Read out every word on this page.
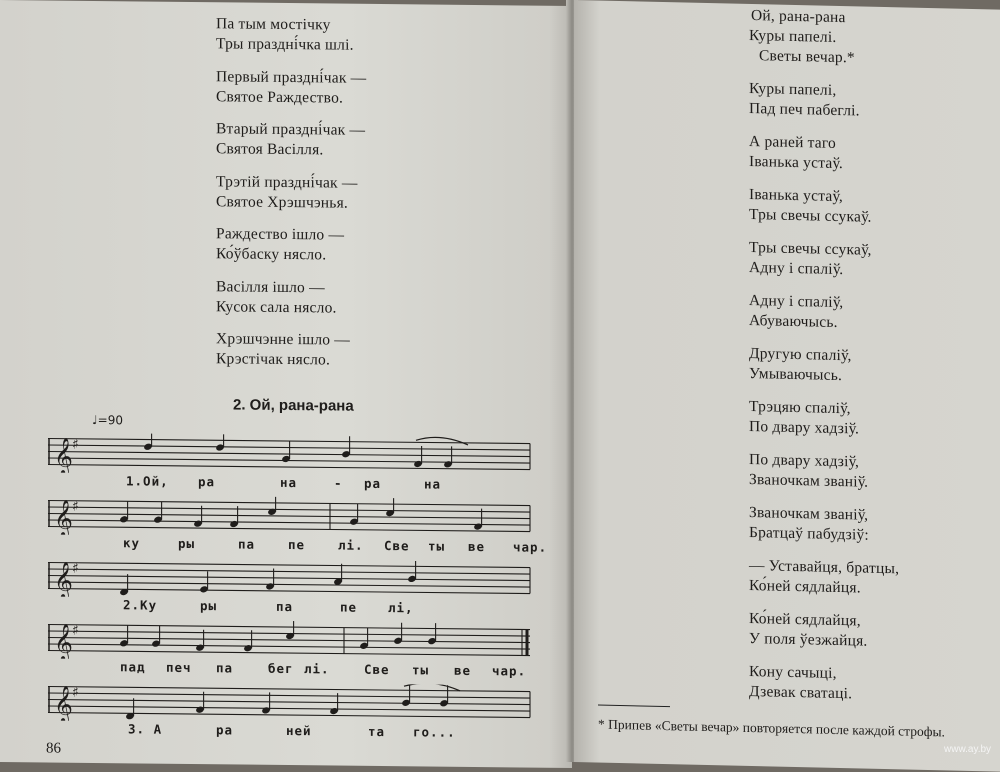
Па тым мостічку
Тры праздні́чка шлі.
Первый праздні́чак —
Святое Раждество.
Втарый праздні́чак —
Святоя Васілля.
Трэтій праздні́чак —
Святое Хрэшчэнья.
Раждество ішло —
Ко́ўбаску нясло.
Васілля ішло —
Кусок сала нясло.
Хрэшчэнне ішло —
Крэстічак нясло.
2. Ой, рана-рана
♩=90
𝄞 ♯
1.Ой, ра	на	- ра	на
𝄞 ♯
ку	ры	па	пе	лі. Све ты ве чар.
𝄞 ♯
2.Ку	ры	па	пе лі,
𝄞 ♯
пад печ па	бег лі.	Све ты ве чар.
𝄞 ♯
3. А	ра	ней	та го...
86
Ой, рана-рана
Куры папелі.
Светы вечар.*
Куры папелі,
Пад печ пабеглі.
А раней таго
Іванька устаў.
Іванька устаў,
Тры свечы ссукаў.
Тры свечы ссукаў,
Адну і спаліў.
Адну і спаліў,
Абуваючысь.
Другую спаліў,
Умываючысь.
Трэцяю спаліў,
По двару хадзіў.
По двару хадзіў,
Званочкам званіў.
Званочкам званіў,
Братцаў пабудзіў:
— Уставайця, братцы,
Ко́ней сядлайця.
Ко́ней сядлайця,
У поля ўезжайця.
Кону сачыці,
Дзевак сватаці.
* Припев «Светы вечар» повторяется после каждой строфы.
www.ay.by
